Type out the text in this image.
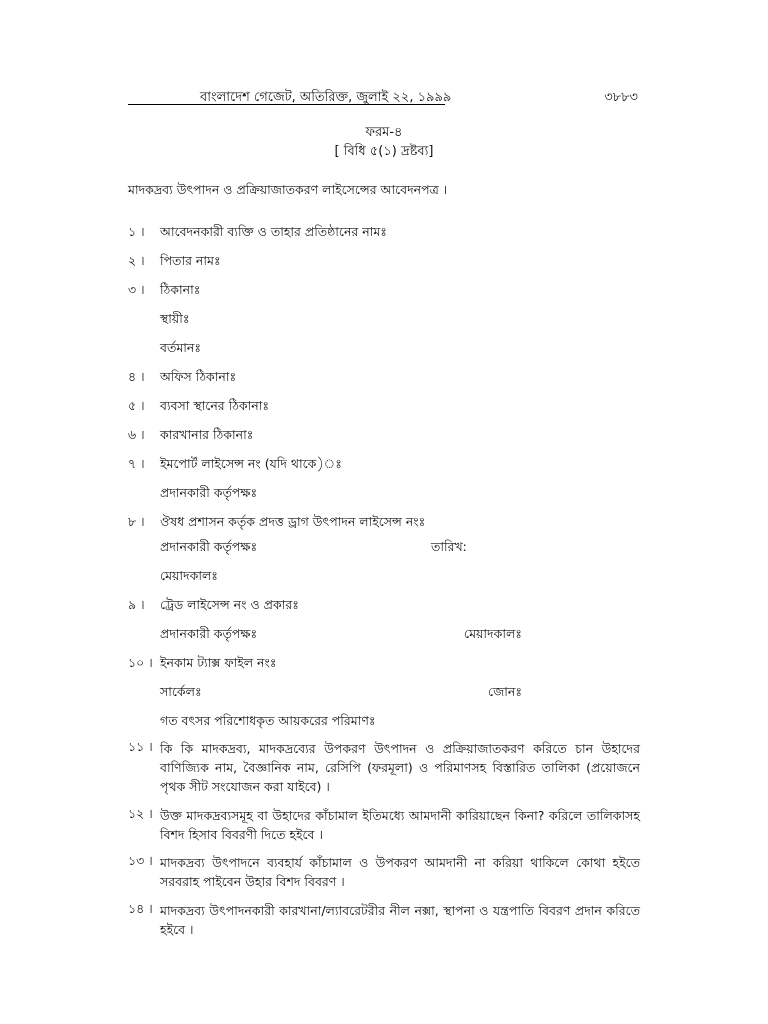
বাংলাদেশ গেজেট, অতিরিক্ত, জুলাই ২২, ১৯৯৯	৩৮৮৩
ফরম-৪
[ বিধি ৫(১) দ্রষ্টব্য]
মাদকদ্রব্য উৎপাদন ও প্রক্রিয়াজাতকরণ লাইসেন্সের আবেদনপত্র ।
১ । আবেদনকারী ব্যক্তি ও তাহার প্রতিষ্ঠানের নামঃ
২ । পিতার নামঃ
৩ । ঠিকানাঃ
স্থায়ীঃ
বর্তমানঃ
৪ । অফিস ঠিকানাঃ
৫ । ব্যবসা স্থানের ঠিকানাঃ
৬ । কারখানার ঠিকানাঃ
৭ । ইমপোর্ট লাইসেন্স নং (যদি থাকে)ঃ
প্রদানকারী কর্তৃপক্ষঃ
৮ । ঔষধ প্রশাসন কর্তৃক প্রদত্ত ড্রাগ উৎপাদন লাইসেন্স নংঃ
প্রদানকারী কর্তৃপক্ষঃ	তারিখ:
মেয়াদকালঃ
৯ । ট্রেড লাইসেন্স নং ও প্রকারঃ
প্রদানকারী কর্তৃপক্ষঃ	মেয়াদকালঃ
১০ । ইনকাম ট্যাক্স ফাইল নংঃ
সার্কেলঃ	জোনঃ
গত বৎসর পরিশোধকৃত আয়করের পরিমাণঃ
১১ । কি কি মাদকদ্রব্য, মাদকদ্রব্যের উপকরণ উৎপাদন ও প্রক্রিয়াজাতকরণ করিতে চান উহাদের বাণিজ্যিক নাম, বৈজ্ঞানিক নাম, রেসিপি (ফরমূলা) ও পরিমাণসহ বিস্তারিত তালিকা (প্রয়োজনে পৃথক সীট সংযোজন করা যাইবে) ।
১২ । উক্ত মাদকদ্রব্যসমূহ বা উহাদের কাঁচামাল ইতিমধ্যে আমদানী কারিয়াছেন কিনা? করিলে তালিকাসহ বিশদ হিসাব বিবরণী দিতে হইবে ।
১৩ । মাদকদ্রব্য উৎপাদনে ব্যবহার্য কাঁচামাল ও উপকরণ আমদানী না করিয়া থাকিলে কোথা হইতে সরবরাহ পাইবেন উহার বিশদ বিবরণ ।
১৪ । মাদকদ্রব্য উৎপাদনকারী কারখানা/ল্যাবরেটরীর নীল নক্সা, স্থাপনা ও যন্ত্রপাতি বিবরণ প্রদান করিতে হইবে ।
